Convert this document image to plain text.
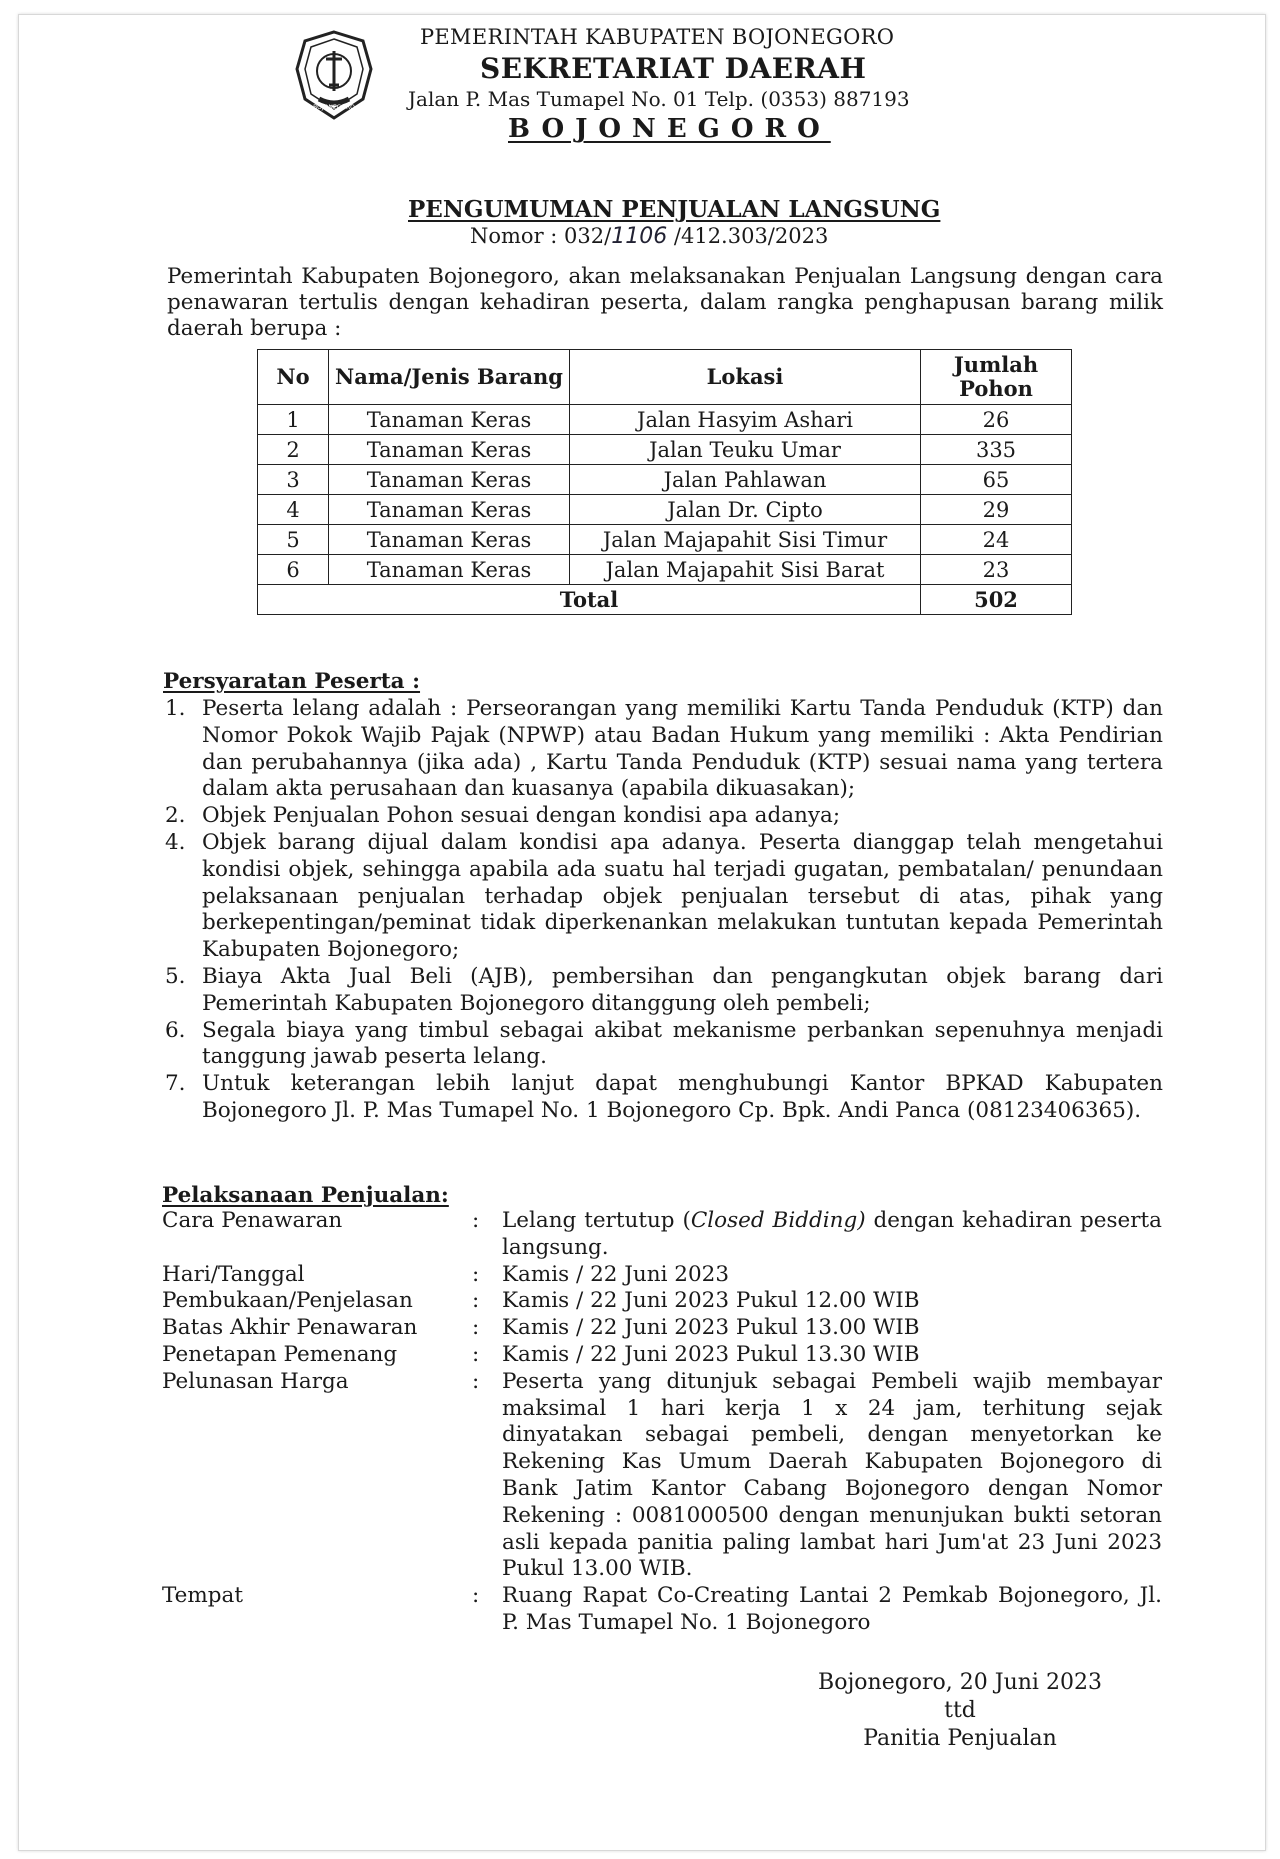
BOJONEGORO
PEMERINTAH KABUPATEN BOJONEGORO
SEKRETARIAT DAERAH
Jalan P. Mas Tumapel No. 01 Telp. (0353) 887193
BOJONEGORO
PENGUMUMAN PENJUALAN LANGSUNG
Nomor : 032/1106 /412.303/2023
Pemerintah Kabupaten Bojonegoro, akan melaksanakan Penjualan Langsung dengan cara penawaran tertulis dengan kehadiran peserta, dalam rangka penghapusan barang milik daerah berupa :
No	Nama/Jenis Barang	Lokasi	Jumlah Pohon
1	Tanaman Keras	Jalan Hasyim Ashari	26
2	Tanaman Keras	Jalan Teuku Umar	335
3	Tanaman Keras	Jalan Pahlawan	65
4	Tanaman Keras	Jalan Dr. Cipto	29
5	Tanaman Keras	Jalan Majapahit Sisi Timur	24
6	Tanaman Keras	Jalan Majapahit Sisi Barat	23
Total			502
Persyaratan Peserta :
1. Peserta lelang adalah : Perseorangan yang memiliki Kartu Tanda Penduduk (KTP) dan Nomor Pokok Wajib Pajak (NPWP) atau Badan Hukum yang memiliki : Akta Pendirian dan perubahannya (jika ada) , Kartu Tanda Penduduk (KTP) sesuai nama yang tertera dalam akta perusahaan dan kuasanya (apabila dikuasakan);
2. Objek Penjualan Pohon sesuai dengan kondisi apa adanya;
4. Objek barang dijual dalam kondisi apa adanya. Peserta dianggap telah mengetahui kondisi objek, sehingga apabila ada suatu hal terjadi gugatan, pembatalan/ penundaan pelaksanaan penjualan terhadap objek penjualan tersebut di atas, pihak yang berkepentingan/peminat tidak diperkenankan melakukan tuntutan kepada Pemerintah Kabupaten Bojonegoro;
5. Biaya Akta Jual Beli (AJB), pembersihan dan pengangkutan objek barang dari Pemerintah Kabupaten Bojonegoro ditanggung oleh pembeli;
6. Segala biaya yang timbul sebagai akibat mekanisme perbankan sepenuhnya menjadi tanggung jawab peserta lelang.
7. Untuk keterangan lebih lanjut dapat menghubungi Kantor BPKAD Kabupaten Bojonegoro Jl. P. Mas Tumapel No. 1 Bojonegoro Cp. Bpk. Andi Panca (08123406365).
Pelaksanaan Penjualan:
Cara Penawaran	: Lelang tertutup (Closed Bidding) dengan kehadiran peserta langsung.
Hari/Tanggal	: Kamis / 22 Juni 2023
Pembukaan/Penjelasan	: Kamis / 22 Juni 2023 Pukul 12.00 WIB
Batas Akhir Penawaran	: Kamis / 22 Juni 2023 Pukul 13.00 WIB
Penetapan Pemenang	: Kamis / 22 Juni 2023 Pukul 13.30 WIB
Pelunasan Harga	: Peserta yang ditunjuk sebagai Pembeli wajib membayar maksimal 1 hari kerja 1 x 24 jam, terhitung sejak dinyatakan sebagai pembeli, dengan menyetorkan ke Rekening Kas Umum Daerah Kabupaten Bojonegoro di Bank Jatim Kantor Cabang Bojonegoro dengan Nomor Rekening : 0081000500 dengan menunjukan bukti setoran asli kepada panitia paling lambat hari Jum'at 23 Juni 2023 Pukul 13.00 WIB.
Tempat	: Ruang Rapat Co-Creating Lantai 2 Pemkab Bojonegoro, Jl. P. Mas Tumapel No. 1 Bojonegoro
Bojonegoro, 20 Juni 2023
ttd
Panitia Penjualan
